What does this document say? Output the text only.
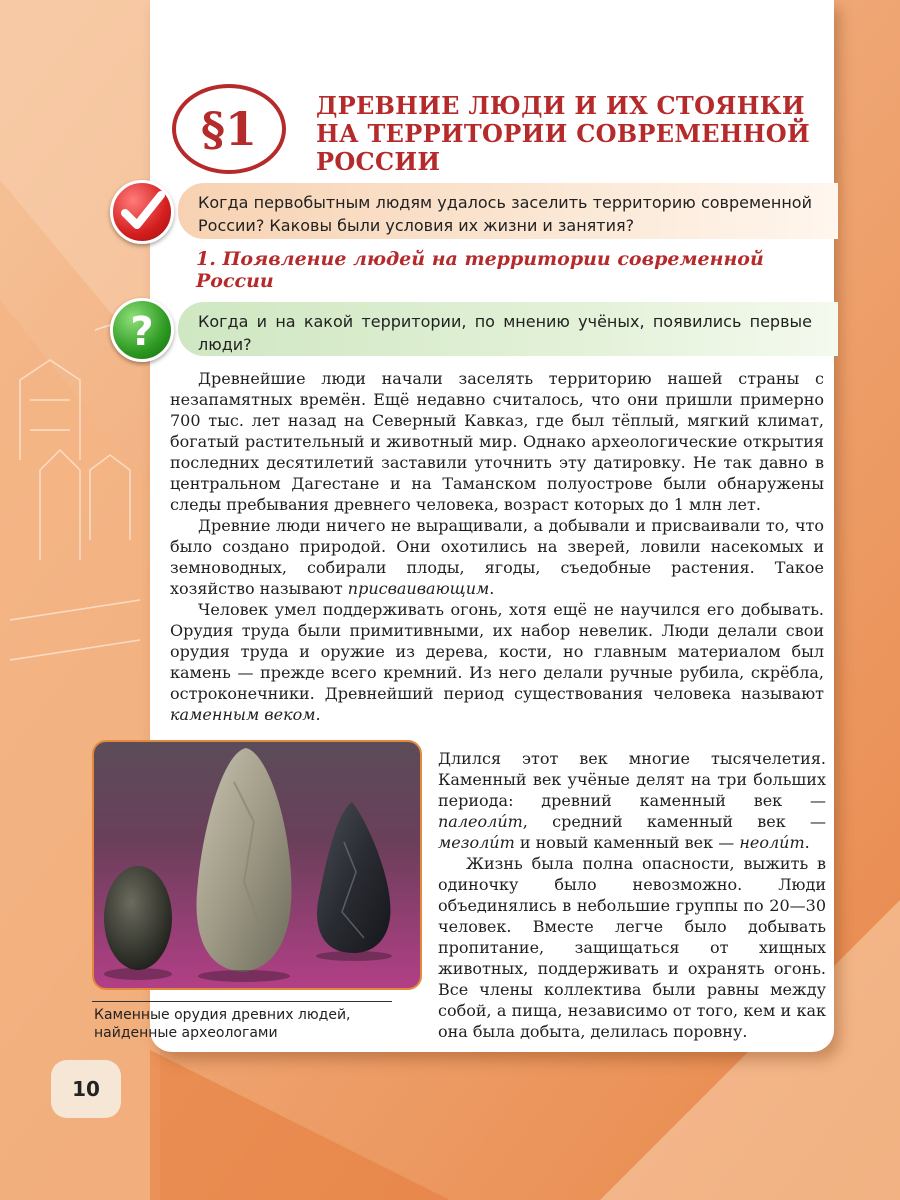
§1	ДРЕВНИЕ ЛЮДИ И ИХ СТОЯНКИ
НА ТЕРРИТОРИИ СОВРЕМЕННОЙ
РОССИИ

Когда первобытным людям удалось заселить территорию современной России? Каковы были условия их жизни и занятия?

1. Появление людей на территории современной России

Когда и на какой территории, по мнению учёных, появились первые люди?

?

Древнейшие люди начали заселять территорию нашей страны с незапамятных времён. Ещё недавно считалось, что они пришли примерно 700 тыс. лет назад на Северный Кавказ, где был тёплый, мягкий климат, богатый растительный и животный мир. Однако археологические открытия последних десятилетий заставили уточнить эту датировку. Не так давно в центральном Дагестане и на Таманском полуострове были обнаружены следы пребывания древнего человека, возраст которых до 1 млн лет.

Древние люди ничего не выращивали, а добывали и присваивали то, что было создано природой. Они охотились на зверей, ловили насекомых и земноводных, собирали плоды, ягоды, съедобные растения. Такое хозяйство называют присваивающим.

Человек умел поддерживать огонь, хотя ещё не научился его добывать. Орудия труда были примитивными, их набор невелик. Люди делали свои орудия труда и оружие из дерева, кости, но главным материалом был камень — прежде всего кремний. Из него делали ручные рубила, скрёбла, остроконечники. Древнейший период существования человека называют каменным веком.

Длился этот век многие тысячелетия. Каменный век учёные делят на три больших периода: древний каменный век — палеоли́т, средний каменный век — мезоли́т и новый каменный век — неоли́т.

Жизнь была полна опасности, выжить в одиночку было невозможно. Люди объединялись в небольшие группы по 20—30 человек. Вместе легче было добывать пропитание, защищаться от хищных животных, поддерживать и охранять огонь. Все члены коллектива были равны между собой, а пища, независимо от того, кем и как она была добыта, делилась поровну.

Каменные орудия древних людей, найденные археологами

10
